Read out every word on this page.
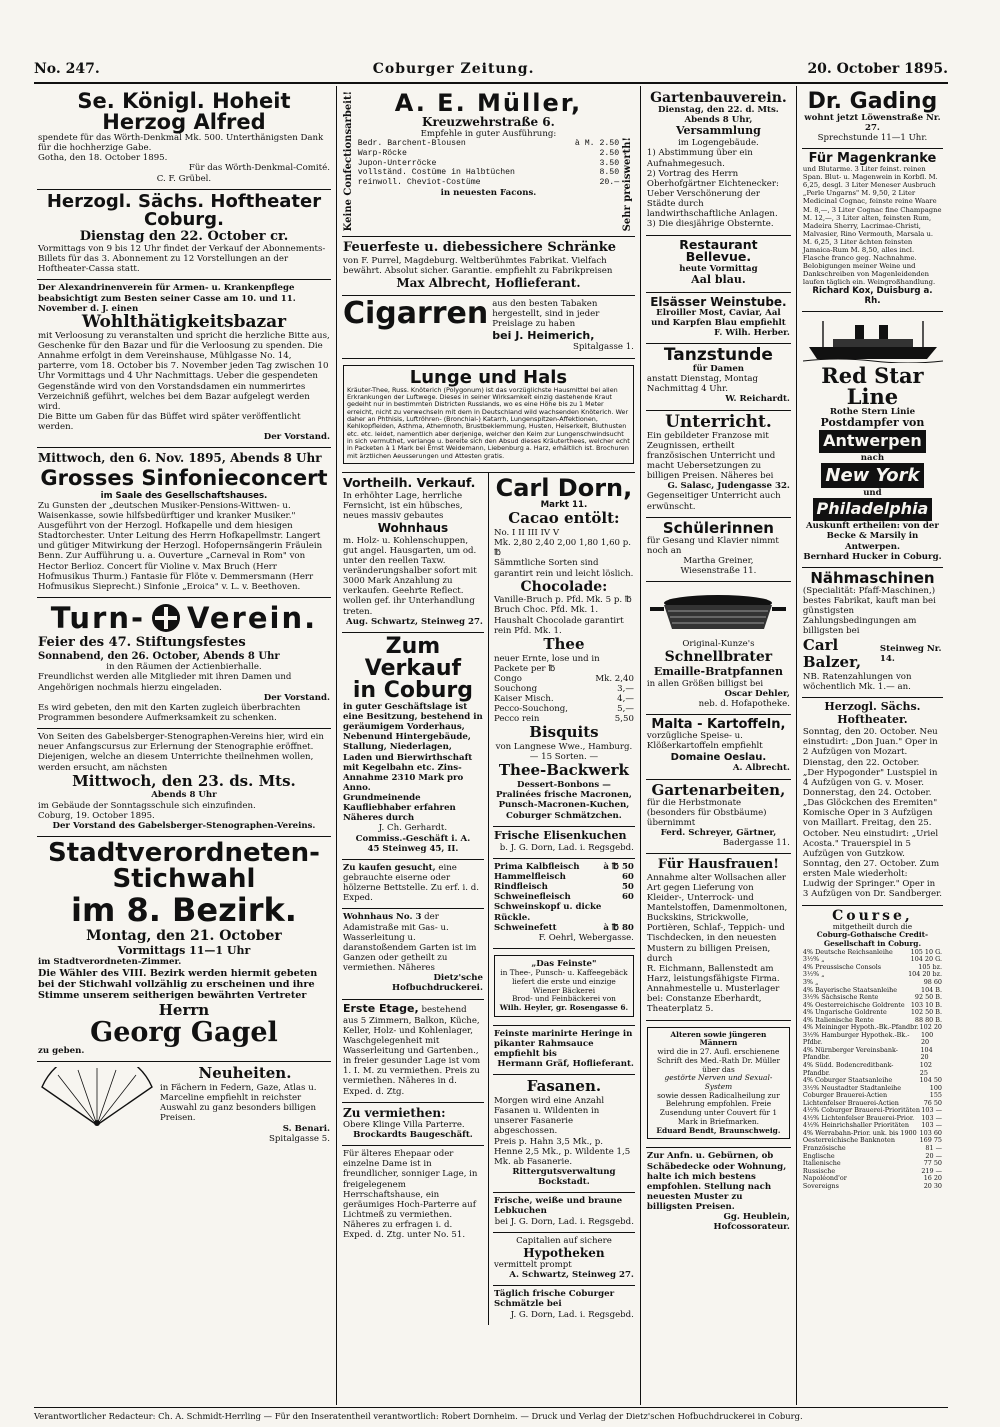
No. 247.	Coburger Zeitung.	20. October 1895.
Se. Königl. Hoheit Herzog Alfred
spendete für das Wörth-Denkmal Mk. 500. Unterthänigsten Dank für die hochherzige Gabe.
Gotha, den 18. October 1895.
Für das Wörth-Denkmal-Comité.
C. F. Grübel.
Herzogl. Sächs. Hoftheater Coburg.
Dienstag den 22. October cr.
Vormittags von 9 bis 12 Uhr findet der Verkauf der Abonnements-Billets für das 3. Abonnement zu 12 Vorstellungen an der Hoftheater-Cassa statt.
Der Alexandrinenverein für Armen- u. Krankenpflege beabsichtigt zum Besten seiner Casse am 10. und 11. November d. J. einen
Wohlthätigkeitsbazar
mit Verloosung zu veranstalten und spricht die herzliche Bitte aus, Geschenke für den Bazar und für die Verloosung zu spenden. Die Annahme erfolgt in dem Vereinshause, Mühlgasse No. 14, parterre, vom 18. October bis 7. November jeden Tag zwischen 10 Uhr Vormittags und 4 Uhr Nachmittags. Ueber die gespendeten Gegenstände wird von den Vorstandsdamen ein nummerirtes Verzeichniß geführt, welches bei dem Bazar aufgelegt werden wird.
Die Bitte um Gaben für das Büffet wird später veröffentlicht werden.
Der Vorstand.
Mittwoch, den 6. Nov. 1895, Abends 8 Uhr
Grosses Sinfonieconcert
im Saale des Gesellschaftshauses.
Zu Gunsten der „deutschen Musiker-Pensions-Wittwen- u. Waisenkasse, sowie hilfsbedürftiger und kranker Musiker." Ausgeführt von der Herzogl. Hofkapelle und dem hiesigen Stadtorchester. Unter Leitung des Herrn Hofkapellmstr. Langert und gütiger Mitwirkung der Herzogl. Hofopernsängerin Fräulein Benn. Zur Aufführung u. a. Ouverture „Carneval in Rom" von Hector Berlioz. Concert für Violine v. Max Bruch (Herr Hofmusikus Thurm.) Fantasie für Flöte v. Demmersmann (Herr Hofmusikus Sieprecht.) Sinfonie „Eroica" v. L. v. Beethoven.
Turn- Verein.
Feier des 47. Stiftungsfestes
Sonnabend, den 26. October, Abends 8 Uhr
in den Räumen der Actienbierhalle.
Freundlichst werden alle Mitglieder mit ihren Damen und Angehörigen nochmals hierzu eingeladen.
Der Vorstand.
Es wird gebeten, den mit den Karten zugleich überbrachten Programmen besondere Aufmerksamkeit zu schenken.
Von Seiten des Gabelsberger-Stenographen-Vereins hier, wird ein neuer Anfangscursus zur Erlernung der Stenographie eröffnet. Diejenigen, welche an diesem Unterrichte theilnehmen wollen, werden ersucht, am nächsten
Mittwoch, den 23. ds. Mts.
Abends 8 Uhr
im Gebäude der Sonntagsschule sich einzufinden.
Coburg, 19. October 1895.
Der Vorstand des Gabelsberger-Stenographen-Vereins.
Stadtverordneten-
Stichwahl
im 8. Bezirk.
Montag, den 21. October
Vormittags 11—1 Uhr
im Stadtverordneten-Zimmer.
Die Wähler des VIII. Bezirk werden hiermit gebeten bei der Stichwahl vollzählig zu erscheinen und ihre Stimme unserem seitherigen bewährten Vertreter
Herrn
Georg Gagel
zu geben.
Neuheiten.
in Fächern in Federn, Gaze, Atlas u. Marceline empfiehlt in reichster Auswahl zu ganz besonders billigen Preisen.
S. Benari.
Spitalgasse 5.
Keine Confectionsarbeit!	A. E. Müller,
Kreuzwehrstraße 6.
Empfehle in guter Ausführung:
Bedr. Barchent-Blousen	à M. 2.50
Warp-Röcke	2.50
Jupon-Unterröcke	3.50
vollständ. Costüme in Halbtüchen	8.50
reinwoll. Cheviot-Costüme	20.—
in neuesten Facons.	Sehr preiswerth!
Feuerfeste u. diebessichere Schränke
von F. Purrel, Magdeburg. Weltberühmtes Fabrikat. Vielfach bewährt. Absolut sicher. Garantie. empfiehlt zu Fabrikpreisen
Max Albrecht, Hoflieferant.
Cigarren aus den besten Tabaken hergestellt, sind in jeder Preislage zu haben
bei J. Heimerich,
Spitalgasse 1.
Lunge und Hals
Kräuter-Thee, Russ. Knöterich (Polygonum) ist das vorzüglichste Hausmittel bei allen Erkrankungen der Luftwege. Dieses in seiner Wirksamkeit einzig dastehende Kraut gedeiht nur in bestimmten Districten Russlands, wo es eine Höhe bis zu 1 Meter erreicht, nicht zu verwechseln mit dem in Deutschland wild wachsenden Knöterich. Wer daher an Phthisis, Luftröhren- (Bronchial-) Katarrh, Lungenspitzen-Affektionen, Kehlkopfleiden, Asthma, Athemnoth, Brustbeklemmung, Husten, Heiserkeit, Bluthusten etc. etc. leidet, namentlich aber derjenige, welcher den Keim zur Lungenschwindsucht in sich vermuthet, verlange u. bereite sich den Absud dieses Kräuterthees, welcher echt in Packeten à 1 Mark bei Ernst Weidemann, Liebenburg a. Harz, erhältlich ist. Brochuren mit ärztlichen Aeusserungen und Attesten gratis.
Vortheilh. Verkauf.
In erhöhter Lage, herrliche Fernsicht, ist ein hübsches, neues massiv gebautes
Wohnhaus
m. Holz- u. Kohlenschuppen, gut angel. Hausgarten, um od. unter den reellen Taxw. veränderungshalber sofort mit 3000 Mark Anzahlung zu verkaufen. Geehrte Reflect. wollen gef. ihr Unterhandlung treten.
Aug. Schwartz, Steinweg 27.
Zum Verkauf
in Coburg
in guter Geschäftslage ist eine Besitzung, bestehend in geräumigem Vorderhaus, Nebenund Hintergebäude, Stallung, Niederlagen, Laden und Bierwirthschaft mit Kegelbahn etc. Zins-Annahme 2310 Mark pro Anno.
Grundmeinende Kaufliebhaber erfahren Näheres durch
J. Ch. Gerhardt.
Commiss.-Geschäft i. A.
45 Steinweg 45, II.
Zu kaufen gesucht, eine gebrauchte eiserne oder hölzerne Bettstelle. Zu erf. i. d. Exped.
Wohnhaus No. 3 der Adamistraße mit Gas- u. Wasserleitung u. daranstoßendem Garten ist im Ganzen oder getheilt zu vermiethen. Näheres
Dietz'sche Hofbuchdruckerei.
Erste Etage, bestehend aus 5 Zimmern, Balkon, Küche, Keller, Holz- und Kohlenlager, Waschgelegenheit mit Wasserleitung und Gartenben., in freier gesunder Lage ist vom 1. I. M. zu vermiethen. Preis zu vermiethen. Näheres in d. Exped. d. Ztg.
Zu vermiethen:
Obere Klinge Villa Parterre.
Brockardts Baugeschäft.
Für älteres Ehepaar oder einzelne Dame ist in freundlicher, sonniger Lage, in freigelegenem Herrschaftshause, ein geräumiges Hoch-Parterre auf Lichtmeß zu vermiethen.
Näheres zu erfragen i. d. Exped. d. Ztg. unter No. 51.
Carl Dorn,
Markt 11.
Cacao entölt:
No. I II III IV V
Mk. 2,80 2,40 2,00 1,80 1,60 p. ℔
Sämmtliche Sorten sind garantirt rein und leicht löslich.
Chocolade:
Vanille-Bruch p. Pfd. Mk. 5 p. ℔
Bruch Choc. Pfd. Mk. 1.
Haushalt Chocolade garantirt rein Pfd. Mk. 1.
Thee
neuer Ernte, lose und in Packete per ℔
Congo	Mk. 2,40
Souchong	3,—
Kaiser Misch.	4,—
Pecco-Souchong,	5,—
Pecco rein	5,50
Bisquits
von Langnese Wwe., Hamburg. — 15 Sorten. —
Thee-Backwerk
Dessert-Bonbons — Pralinées frische Macronen, Punsch-Macronen-Kuchen, Coburger Schmätzchen.
Frische Elisenkuchen
b. J. G. Dorn, Lad. i. Regsgebd.
Prima Kalbfleisch	à ℔ 50
Hammelfleisch	60
Rindfleisch	50
Schweinefleisch	60
Schweinskopf u. dicke Rückle.
Schweinefett	à ℔ 80
F. Oehrl, Webergasse.
„Das Feinste"
in Thee-, Punsch- u. Kaffeegebäck liefert die erste und einzige Wiener Bäckerei
Brod- und Feinbäckerei von
Wilh. Heyler, gr. Rosengasse 6.
Feinste marinirte Heringe in pikanter Rahmsauce empfiehlt bis
Hermann Gräf, Hoflieferant.
Fasanen.
Morgen wird eine Anzahl Fasanen u. Wildenten in unserer Fasanerie abgeschossen.
Preis p. Hahn 3,5 Mk., p. Henne 2,5 Mk., p. Wildente 1,5 Mk. ab Fasanerie.
Rittergutsverwaltung Bockstadt.
Frische, weiße und braune Lebkuchen
bei J. G. Dorn, Lad. i. Regsgebd.
Capitalien auf sichere
Hypotheken
vermittelt prompt
A. Schwartz, Steinweg 27.
Täglich frische Coburger Schmätzle bei
J. G. Dorn, Lad. i. Regsgebd.
Gartenbauverein.
Dienstag, den 22. d. Mts. Abends 8 Uhr,
Versammlung
im Logengebäude.
1) Abstimmung über ein Aufnahmegesuch.
2) Vortrag des Herrn Oberhofgärtner Eichtenecker: Ueber Verschönerung der Städte durch landwirthschaftliche Anlagen.
3) Die diesjährige Obsternte.
Restaurant Bellevue.
heute Vormittag
Aal blau.
Elsässer Weinstube.
Elroiller Most, Caviar, Aal und Karpfen Blau empfiehlt
F. Wilh. Herber.
Tanzstunde
für Damen
anstatt Dienstag, Montag Nachmittag 4 Uhr.
W. Reichardt.
Unterricht.
Ein gebildeter Franzose mit Zeugnissen, ertheilt französischen Unterricht und macht Uebersetzungen zu billigen Preisen. Näheres bei
G. Salasc, Judengasse 32.
Gegenseitiger Unterricht auch erwünscht.
Schülerinnen
für Gesang und Klavier nimmt noch an
Martha Greiner,
Wiesenstraße 11.
Original-Kunze's
Schnellbrater
Emaille-Bratpfannen
in allen Größen billigst bei
Oscar Dehler,
neb. d. Hofapotheke.
Malta - Kartoffeln,
vorzügliche Speise- u. Klößerkartoffeln empfiehlt
Domaine Oeslau.
A. Albrecht.
Gartenarbeiten,
für die Herbstmonate (besonders für Obstbäume) übernimmt
Ferd. Schreyer, Gärtner,
Badergasse 11.
Für Hausfrauen!
Annahme alter Wollsachen aller Art gegen Lieferung von Kleider-, Unterrock- und Mantelstoffen, Damenmoltonen, Buckskins, Strickwolle, Portièren, Schlaf-, Teppich- und Tischdecken, in den neuesten Mustern zu billigen Preisen, durch
R. Eichmann, Ballenstedt am Harz, leistungsfähigste Firma.
Annahmestelle u. Musterlager bei: Constanze Eberhardt, Theaterplatz 5.
Alteren sowie jüngeren Männern
wird die in 27. Aufl. erschienene Schrift des Med.-Rath Dr. Müller über das
gestörte Nerven und Sexual-System
sowie dessen Radicalheilung zur Belehrung empfohlen. Freie Zusendung unter Couvert für 1 Mark in Briefmarken.
Eduard Bendt, Braunschweig.
Zur Anfn. u. Gebürnen, ob Schäbedecke oder Wohnung, halte ich mich bestens empfohlen. Stellung nach neuesten Muster zu billigsten Preisen.
Gg. Heublein, Hofcossorateur.
Dr. Gading
wohnt jetzt Löwenstraße Nr. 27.
Sprechstunde 11—1 Uhr.
Für Magenkranke
und Blutarme. 3 Liter feinst. reinen Span. Blut- u. Magenwein in Korbfl. M. 6,25, desgl. 3 Liter Meneser Ausbruch „Perle Ungarns" M. 9,50, 2 Liter Medicinal Cognac, feinste reine Waare M. 8,—, 3 Liter Cognac fine Champagne M. 12,—, 3 Liter alten, feinsten Rum, Madeira Sherry, Lacrimae-Christi, Malvasier, Rino Vermouth, Marsala u. M. 6,25, 3 Liter ächten feinsten Jamaica-Rum M. 8,50, alles incl. Flasche franco geg. Nachnahme. Belobigungen meiner Weine und Dankschreiben von Magenleidenden laufen täglich ein. Weingroßhandlung.
Richard Kox, Duisburg a. Rh.
Red Star Line
Rothe Stern Linie
Postdampfer von
Antwerpen
nach
New York
und
Philadelphia
Auskunft ertheilen: von der Becke & Marsily in Antwerpen.
Bernhard Hucker in Coburg.
Nähmaschinen
(Specialität: Pfaff-Maschinen,) bestes Fabrikat, kauft man bei günstigsten Zahlungsbedingungen am billigsten bei
Carl Balzer,
Steinweg Nr. 14.
NB. Ratenzahlungen von wöchentlich Mk. 1.— an.
Herzogl. Sächs. Hoftheater.
Sonntag, den 20. October. Neu einstudirt: „Don Juan." Oper in 2 Aufzügen von Mozart. Dienstag, den 22. October. „Der Hypogonder" Lustspiel in 4 Aufzügen von G. v. Moser. Donnerstag, den 24. October. „Das Glöckchen des Eremiten" Komische Oper in 3 Aufzügen von Maillart. Freitag, den 25. October. Neu einstudirt: „Uriel Acosta." Trauerspiel in 5 Aufzügen von Gutzkow. Sonntag, den 27. October. Zum ersten Male wiederholt: Ludwig der Springer." Oper in 3 Aufzügen von Dr. Sandberger.
Course,
mitgetheilt durch die
Coburg-Gothaische Credit-Gesellschaft in Coburg.
4% Deutsche Reichsanleihe	105 10 G.
3½% „	104 20 G.
4% Preussische Consols	105 bz.
3½% „	104 20 bz.
3% „	98 60
4% Bayerische Staatsanleihe	104 B.
3½% Sächsische Rente	92 50 B.
4% Oesterreichische Goldrente 103 10 B.
4% Ungarische Goldrente	102 50 B.
4% Italienische Rente	88 80 B.
4% Meininger Hypoth.-Bk.-Pfandbr. 102 20
3½% Hamburger Hypothek.-Bk.-Pfdbr.
100 20
4% Nürnberger Vereinsbank-Pfandbr.
104 20
4% Südd. Bodencreditbank-Pfandbr.
102 25
4% Coburger Staatsanleihe	104 50
3½% Neustadter Stadtanleihe	100
Coburger Brauerei-Actien	155
Lichtenfelser Brauerei-Actien	76 50
4½% Coburger Brauerei-Prioritäten 103 —
4½% Lichtenfelser Brauerei-Prior. 103 —
4½% Heinrichshaller Prioritäten 103 —
4% Werrabahn-Prior. unk. bis 1900 103 60
Oesterreichische Banknoten	169 75
Französische	81 —
Englische	20 —
Italienische	77 50
Russische	219 —
Napoléond'or	16 20
Sovereigns	20 30
Verantwortlicher Redacteur: Ch. A. Schmidt-Herrling — Für den Inseratentheil verantwortlich: Robert Dornheim. — Druck und Verlag der Dietz'schen Hofbuchdruckerei in Coburg.
